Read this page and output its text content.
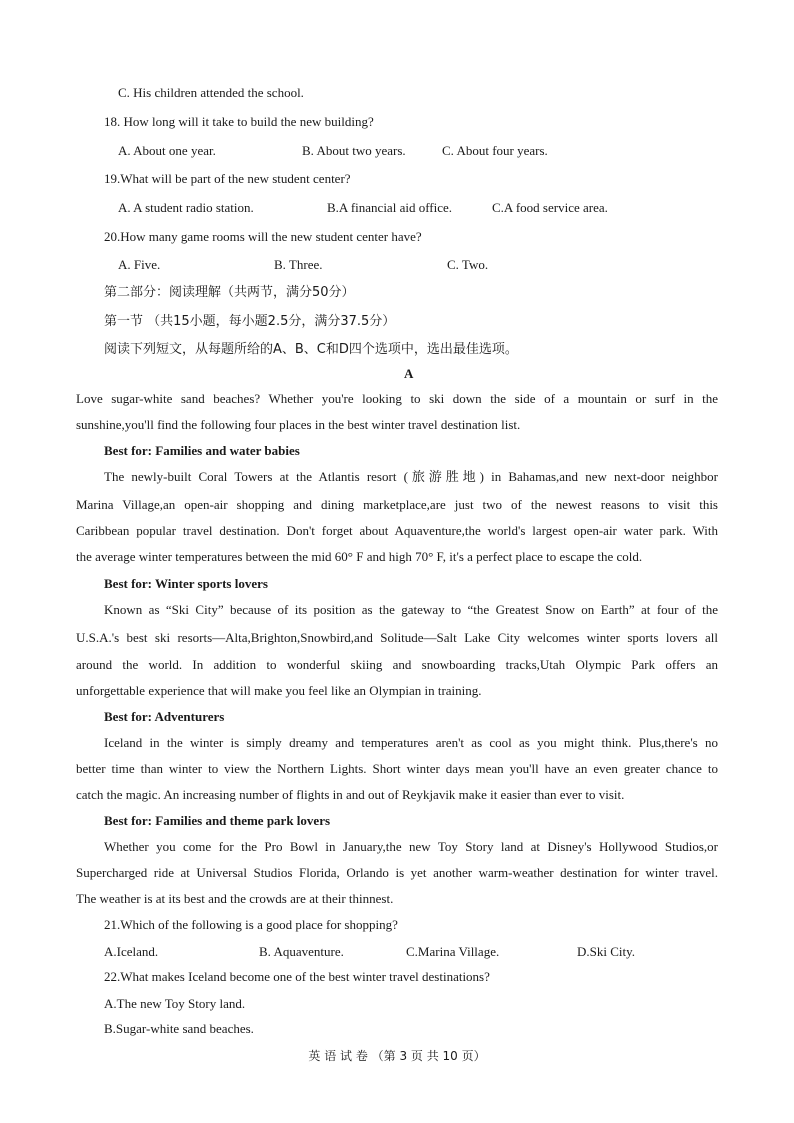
C. His children attended the school.
18. How long will it take to build the new building?
A. About one year.	B. About two years.	C. About four years.
19.What will be part of the new student center?
A. A student radio station.	B.A financial aid office.	C.A food service area.
20.How many game rooms will the new student center have?
A. Five.	B. Three.	C. Two.
第二部分：阅读理解（共两节，满分50分）
第一节 （共15小题，每小题2.5分，满分37.5分）
阅读下列短文，从每题所给的A、B、C和D四个选项中，选出最佳选项。
A
Love sugar-white sand beaches? Whether you're looking to ski down the side of a mountain or surf in the
sunshine,you'll find the following four places in the best winter travel destination list.
Best for: Families and water babies
The newly-built Coral Towers at the Atlantis resort (旅游胜地) in Bahamas,and new next-door neighbor
Marina Village,an open-air shopping and dining marketplace,are just two of the newest reasons to visit this
Caribbean popular travel destination. Don't forget about Aquaventure,the world's largest open-air water park. With
the average winter temperatures between the mid 60° F and high 70° F, it's a perfect place to escape the cold.
Best for: Winter sports lovers
Known as “Ski City” because of its position as the gateway to “the Greatest Snow on Earth” at four of the
U.S.A.'s best ski resorts—Alta,Brighton,Snowbird,and Solitude—Salt Lake City welcomes winter sports lovers all
around the world. In addition to wonderful skiing and snowboarding tracks,Utah Olympic Park offers an
unforgettable experience that will make you feel like an Olympian in training.
Best for: Adventurers
Iceland in the winter is simply dreamy and temperatures aren't as cool as you might think. Plus,there's no
better time than winter to view the Northern Lights. Short winter days mean you'll have an even greater chance to
catch the magic. An increasing number of flights in and out of Reykjavik make it easier than ever to visit.
Best for: Families and theme park lovers
Whether you come for the Pro Bowl in January,the new Toy Story land at Disney's Hollywood Studios,or
Supercharged ride at Universal Studios Florida, Orlando is yet another warm-weather destination for winter travel.
The weather is at its best and the crowds are at their thinnest.
21.Which of the following is a good place for shopping?
A.Iceland.	B. Aquaventure.	C.Marina Village.	D.Ski City.
22.What makes Iceland become one of the best winter travel destinations?
A.The new Toy Story land.
B.Sugar-white sand beaches.
英 语 试 卷 （第 3 页 共 10 页）
